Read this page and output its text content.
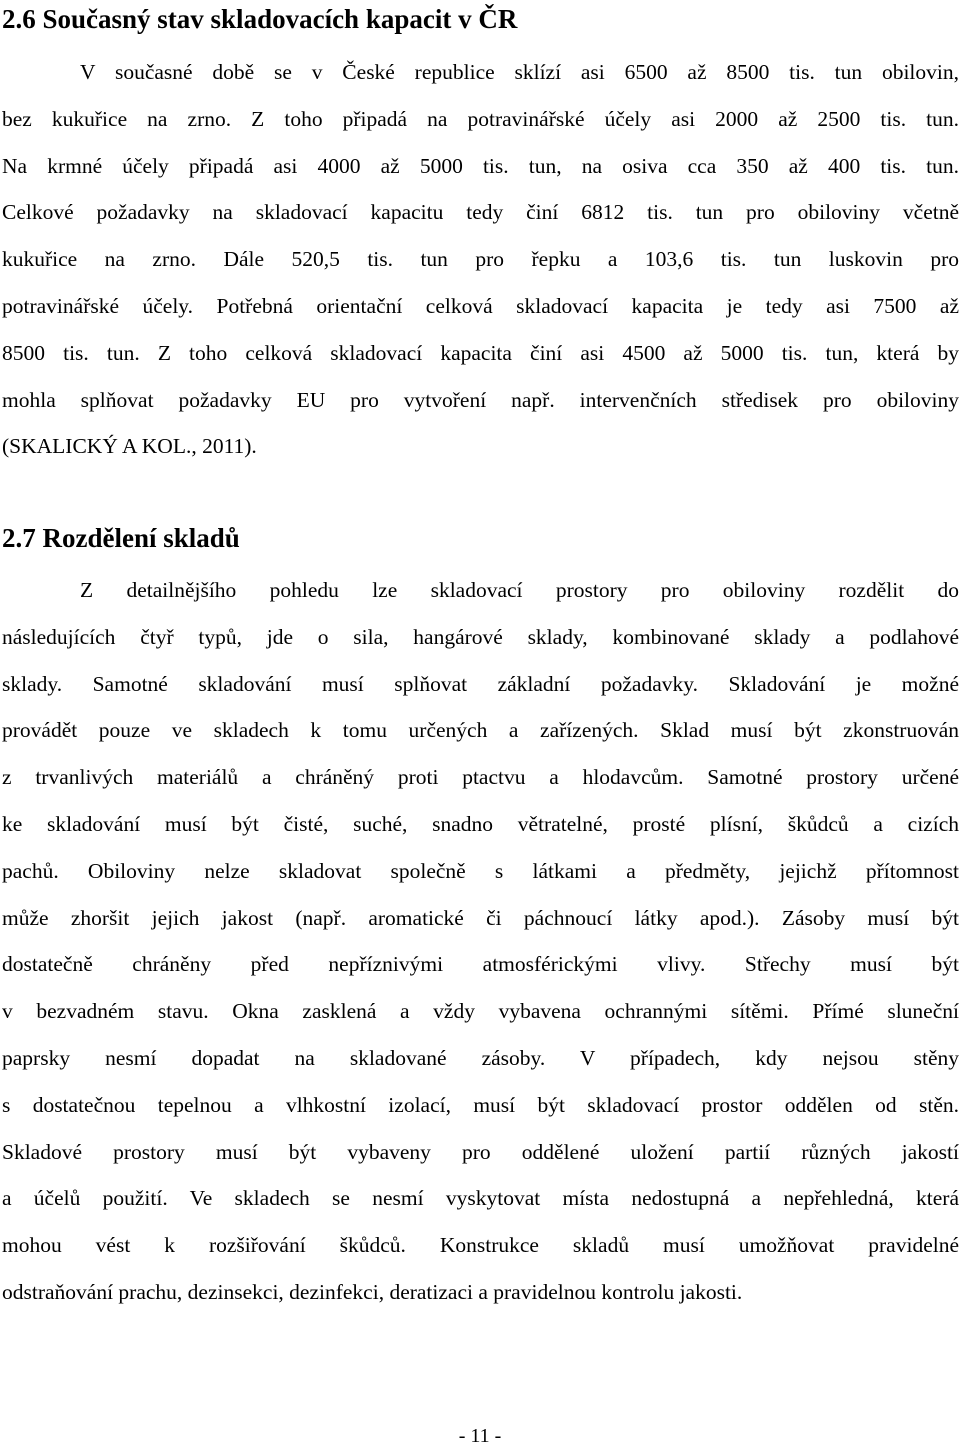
2.6 Současný stav skladovacích kapacit v ČR
V současné době se v České republice sklízí asi 6500 až 8500 tis. tun obilovin,
bez kukuřice na zrno. Z toho připadá na potravinářské účely asi 2000 až 2500 tis. tun.
Na krmné účely připadá asi 4000 až 5000 tis. tun, na osiva cca 350 až 400 tis. tun.
Celkové požadavky na skladovací kapacitu tedy činí 6812 tis. tun pro obiloviny včetně
kukuřice na zrno. Dále 520,5 tis. tun pro řepku a 103,6 tis. tun luskovin pro
potravinářské účely. Potřebná orientační celková skladovací kapacita je tedy asi 7500 až
8500 tis. tun. Z toho celková skladovací kapacita činí asi 4500 až 5000 tis. tun, která by
mohla splňovat požadavky EU pro vytvoření např. intervenčních středisek pro obiloviny
(SKALICKÝ A KOL., 2011).
2.7 Rozdělení skladů
Z detailnějšího pohledu lze skladovací prostory pro obiloviny rozdělit do
následujících čtyř typů, jde o sila, hangárové sklady, kombinované sklady a podlahové
sklady. Samotné skladování musí splňovat základní požadavky. Skladování je možné
provádět pouze ve skladech k tomu určených a zařízených. Sklad musí být zkonstruován
z trvanlivých materiálů a chráněný proti ptactvu a hlodavcům. Samotné prostory určené
ke skladování musí být čisté, suché, snadno větratelné, prosté plísní, škůdců a cizích
pachů. Obiloviny nelze skladovat společně s látkami a předměty, jejichž přítomnost
může zhoršit jejich jakost (např. aromatické či páchnoucí látky apod.). Zásoby musí být
dostatečně chráněny před nepříznivými atmosférickými vlivy. Střechy musí být
v bezvadném stavu. Okna zasklená a vždy vybavena ochrannými sítěmi. Přímé sluneční
paprsky nesmí dopadat na skladované zásoby. V případech, kdy nejsou stěny
s dostatečnou tepelnou a vlhkostní izolací, musí být skladovací prostor oddělen od stěn.
Skladové prostory musí být vybaveny pro oddělené uložení partií různých jakostí
a účelů použití. Ve skladech se nesmí vyskytovat místa nedostupná a nepřehledná, která
mohou vést k rozšiřování škůdců. Konstrukce skladů musí umožňovat pravidelné
odstraňování prachu, dezinsekci, dezinfekci, deratizaci a pravidelnou kontrolu jakosti.
- 11 -
